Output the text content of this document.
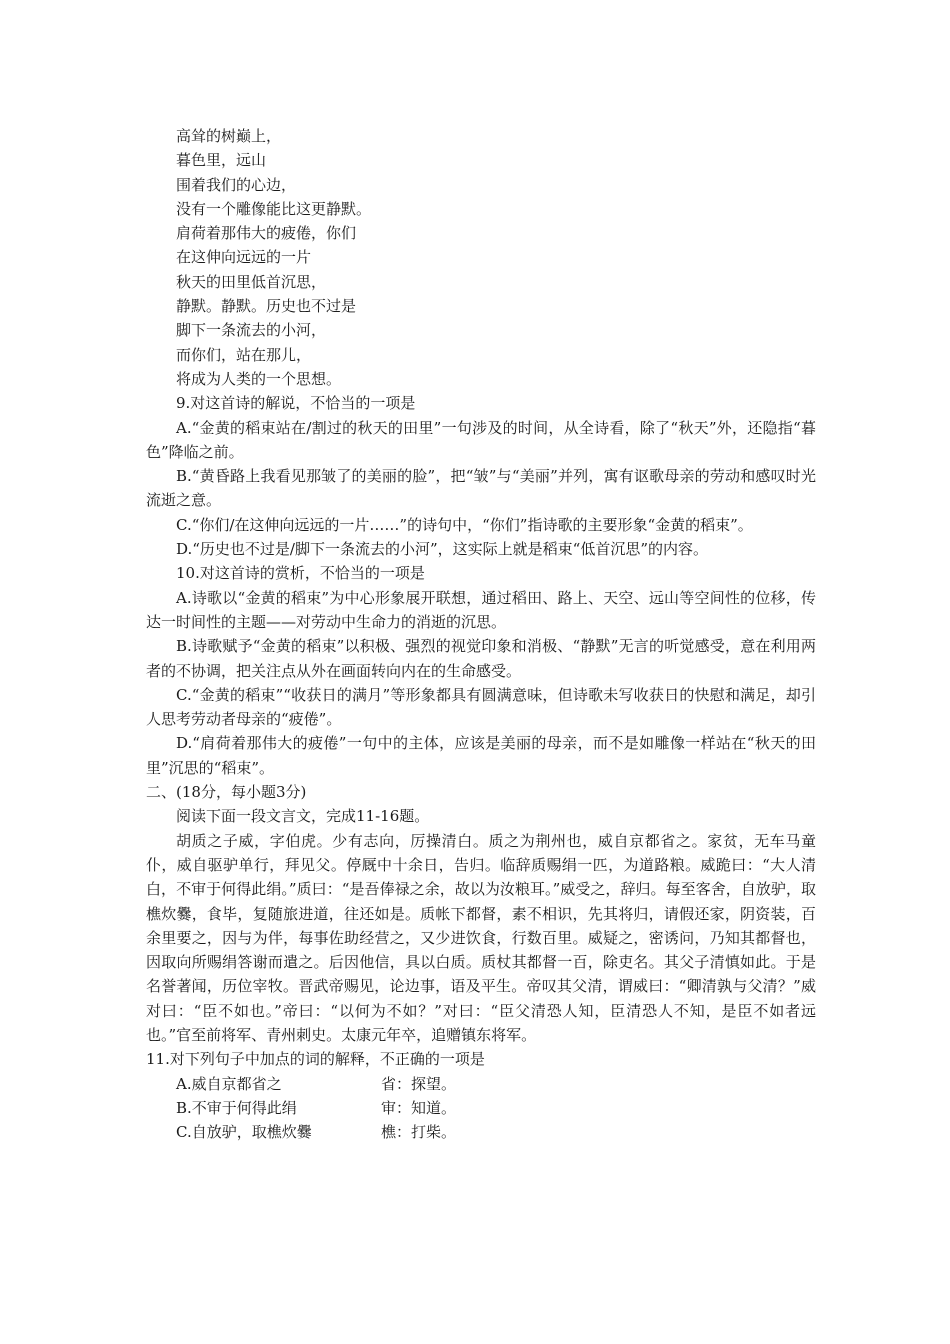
高耸的树巅上，

暮色里，远山

围着我们的心边，

没有一个雕像能比这更静默。

肩荷着那伟大的疲倦，你们

在这伸向远远的一片

秋天的田里低首沉思，

静默。静默。历史也不过是

脚下一条流去的小河，

而你们，站在那儿，

将成为人类的一个思想。

9.对这首诗的解说，不恰当的一项是

A.“金黄的稻束站在/割过的秋天的田里”一句涉及的时间，从全诗看，除了“秋天”外，还隐指“暮色”降临之前。

B.“黄昏路上我看见那皱了的美丽的脸”，把“皱”与“美丽”并列，寓有讴歌母亲的劳动和感叹时光流逝之意。

C.“你们/在这伸向远远的一片……”的诗句中，“你们”指诗歌的主要形象“金黄的稻束”。

D.“历史也不过是/脚下一条流去的小河”，这实际上就是稻束“低首沉思”的内容。

10.对这首诗的赏析，不恰当的一项是

A.诗歌以“金黄的稻束”为中心形象展开联想，通过稻田、路上、天空、远山等空间性的位移，传达一时间性的主题——对劳动中生命力的消逝的沉思。

B.诗歌赋予“金黄的稻束”以积极、强烈的视觉印象和消极、“静默”无言的听觉感受，意在利用两者的不协调，把关注点从外在画面转向内在的生命感受。

C.“金黄的稻束”“收获日的满月”等形象都具有圆满意味，但诗歌未写收获日的快慰和满足，却引人思考劳动者母亲的“疲倦”。

D.“肩荷着那伟大的疲倦”一句中的主体，应该是美丽的母亲，而不是如雕像一样站在“秋天的田里”沉思的“稻束”。

二、(18分，每小题3分)

阅读下面一段文言文，完成11-16题。

胡质之子威，字伯虎。少有志向，厉操清白。质之为荆州也，威自京都省之。家贫，无车马童仆，威自驱驴单行，拜见父。停厩中十余日，告归。临辞质赐绢一匹，为道路粮。威跪曰：“大人清白，不审于何得此绢。”质曰：“是吾俸禄之余，故以为汝粮耳。”威受之，辞归。每至客舍，自放驴，取樵炊爨，食毕，复随旅进道，往还如是。质帐下都督，素不相识，先其将归，请假还家，阴资装，百余里要之，因与为伴，每事佐助经营之，又少进饮食，行数百里。威疑之，密诱问，乃知其都督也，因取向所赐绢答谢而遣之。后因他信，具以白质。质杖其都督一百，除吏名。其父子清慎如此。于是名誉著闻，历位宰牧。晋武帝赐见，论边事，语及平生。帝叹其父清，谓威曰：“卿清孰与父清？”威对曰：“臣不如也。”帝曰：“以何为不如？”对曰：“臣父清恐人知，臣清恐人不知，是臣不如者远也。”官至前将军、青州刺史。太康元年卒，追赠镇东将军。

11.对下列句子中加点的词的解释，不正确的一项是

A.威自京都省之	省：探望。
B.不审于何得此绢	审：知道。
C.自放驴，取樵炊爨	樵：打柴。
